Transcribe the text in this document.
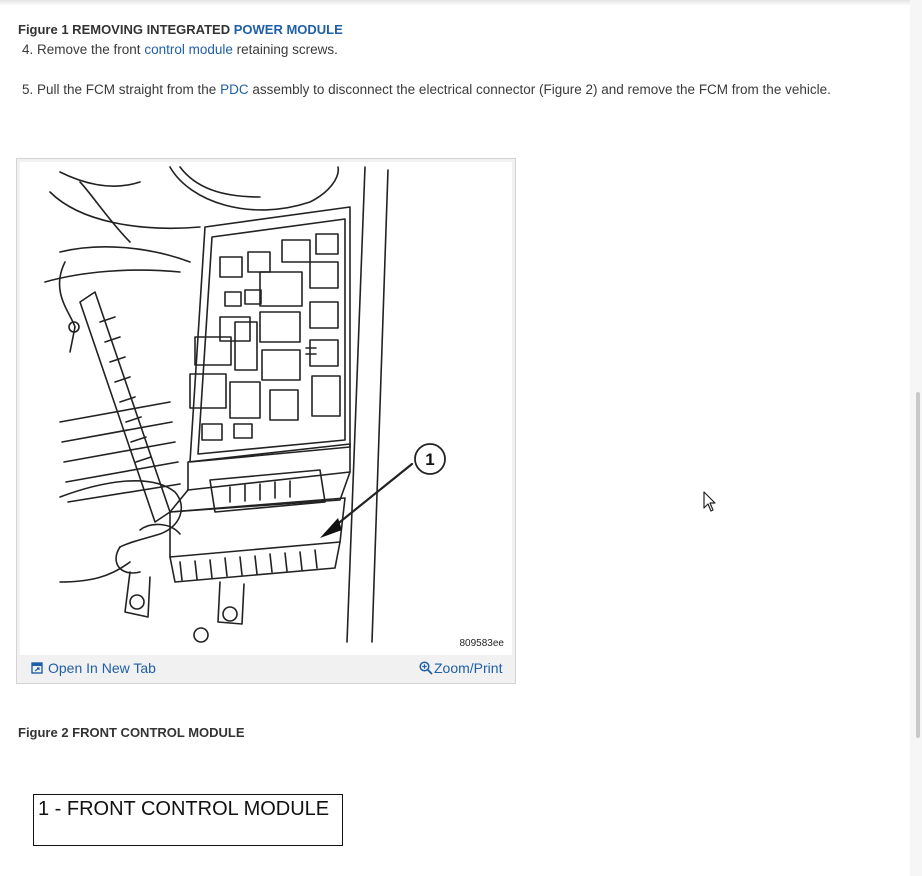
Figure 1 REMOVING INTEGRATED POWER MODULE
4. Remove the front control module retaining screws.
5. Pull the FCM straight from the PDC assembly to disconnect the electrical connector (Figure 2) and remove the FCM from the vehicle.
1
809583ee
Open In New Tab	Zoom/Print
Figure 2 FRONT CONTROL MODULE
1 - FRONT CONTROL MODULE
